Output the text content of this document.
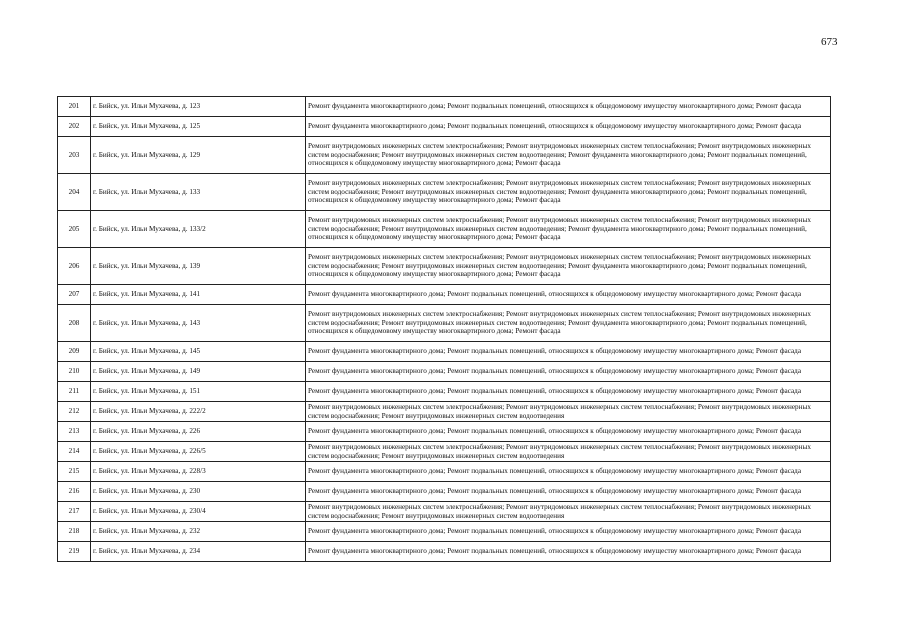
673
201	г. Бийск, ул. Ильи Мухачева, д. 123	Ремонт фундамента многоквартирного дома; Ремонт подвальных помещений, относящихся к общедомовому имуществу многоквартирного дома; Ремонт фасада
202	г. Бийск, ул. Ильи Мухачева, д. 125	Ремонт фундамента многоквартирного дома; Ремонт подвальных помещений, относящихся к общедомовому имуществу многоквартирного дома; Ремонт фасада
203	г. Бийск, ул. Ильи Мухачева, д. 129	Ремонт внутридомовых инженерных систем электроснабжения; Ремонт внутридомовых инженерных систем теплоснабжения; Ремонт внутридомовых инженерных систем водоснабжения; Ремонт внутридомовых инженерных систем водоотведения; Ремонт фундамента многоквартирного дома; Ремонт подвальных помещений, относящихся к общедомовому имуществу многоквартирного дома; Ремонт фасада
204	г. Бийск, ул. Ильи Мухачева, д. 133	Ремонт внутридомовых инженерных систем электроснабжения; Ремонт внутридомовых инженерных систем теплоснабжения; Ремонт внутридомовых инженерных систем водоснабжения; Ремонт внутридомовых инженерных систем водоотведения; Ремонт фундамента многоквартирного дома; Ремонт подвальных помещений, относящихся к общедомовому имуществу многоквартирного дома; Ремонт фасада
205	г. Бийск, ул. Ильи Мухачева, д. 133/2	Ремонт внутридомовых инженерных систем электроснабжения; Ремонт внутридомовых инженерных систем теплоснабжения; Ремонт внутридомовых инженерных систем водоснабжения; Ремонт внутридомовых инженерных систем водоотведения; Ремонт фундамента многоквартирного дома; Ремонт подвальных помещений, относящихся к общедомовому имуществу многоквартирного дома; Ремонт фасада
206	г. Бийск, ул. Ильи Мухачева, д. 139	Ремонт внутридомовых инженерных систем электроснабжения; Ремонт внутридомовых инженерных систем теплоснабжения; Ремонт внутридомовых инженерных систем водоснабжения; Ремонт внутридомовых инженерных систем водоотведения; Ремонт фундамента многоквартирного дома; Ремонт подвальных помещений, относящихся к общедомовому имуществу многоквартирного дома; Ремонт фасада
207	г. Бийск, ул. Ильи Мухачева, д. 141	Ремонт фундамента многоквартирного дома; Ремонт подвальных помещений, относящихся к общедомовому имуществу многоквартирного дома; Ремонт фасада
208	г. Бийск, ул. Ильи Мухачева, д. 143	Ремонт внутридомовых инженерных систем электроснабжения; Ремонт внутридомовых инженерных систем теплоснабжения; Ремонт внутридомовых инженерных систем водоснабжения; Ремонт внутридомовых инженерных систем водоотведения; Ремонт фундамента многоквартирного дома; Ремонт подвальных помещений, относящихся к общедомовому имуществу многоквартирного дома; Ремонт фасада
209	г. Бийск, ул. Ильи Мухачева, д. 145	Ремонт фундамента многоквартирного дома; Ремонт подвальных помещений, относящихся к общедомовому имуществу многоквартирного дома; Ремонт фасада
210	г. Бийск, ул. Ильи Мухачева, д. 149	Ремонт фундамента многоквартирного дома; Ремонт подвальных помещений, относящихся к общедомовому имуществу многоквартирного дома; Ремонт фасада
211	г. Бийск, ул. Ильи Мухачева, д. 151	Ремонт фундамента многоквартирного дома; Ремонт подвальных помещений, относящихся к общедомовому имуществу многоквартирного дома; Ремонт фасада
212	г. Бийск, ул. Ильи Мухачева, д. 222/2	Ремонт внутридомовых инженерных систем электроснабжения; Ремонт внутридомовых инженерных систем теплоснабжения; Ремонт внутридомовых инженерных систем водоснабжения; Ремонт внутридомовых инженерных систем водоотведения
213	г. Бийск, ул. Ильи Мухачева, д. 226	Ремонт фундамента многоквартирного дома; Ремонт подвальных помещений, относящихся к общедомовому имуществу многоквартирного дома; Ремонт фасада
214	г. Бийск, ул. Ильи Мухачева, д. 226/5	Ремонт внутридомовых инженерных систем электроснабжения; Ремонт внутридомовых инженерных систем теплоснабжения; Ремонт внутридомовых инженерных систем водоснабжения; Ремонт внутридомовых инженерных систем водоотведения
215	г. Бийск, ул. Ильи Мухачева, д. 228/3	Ремонт фундамента многоквартирного дома; Ремонт подвальных помещений, относящихся к общедомовому имуществу многоквартирного дома; Ремонт фасада
216	г. Бийск, ул. Ильи Мухачева, д. 230	Ремонт фундамента многоквартирного дома; Ремонт подвальных помещений, относящихся к общедомовому имуществу многоквартирного дома; Ремонт фасада
217	г. Бийск, ул. Ильи Мухачева, д. 230/4	Ремонт внутридомовых инженерных систем электроснабжения; Ремонт внутридомовых инженерных систем теплоснабжения; Ремонт внутридомовых инженерных систем водоснабжения; Ремонт внутридомовых инженерных систем водоотведения
218	г. Бийск, ул. Ильи Мухачева, д. 232	Ремонт фундамента многоквартирного дома; Ремонт подвальных помещений, относящихся к общедомовому имуществу многоквартирного дома; Ремонт фасада
219	г. Бийск, ул. Ильи Мухачева, д. 234	Ремонт фундамента многоквартирного дома; Ремонт подвальных помещений, относящихся к общедомовому имуществу многоквартирного дома; Ремонт фасада
